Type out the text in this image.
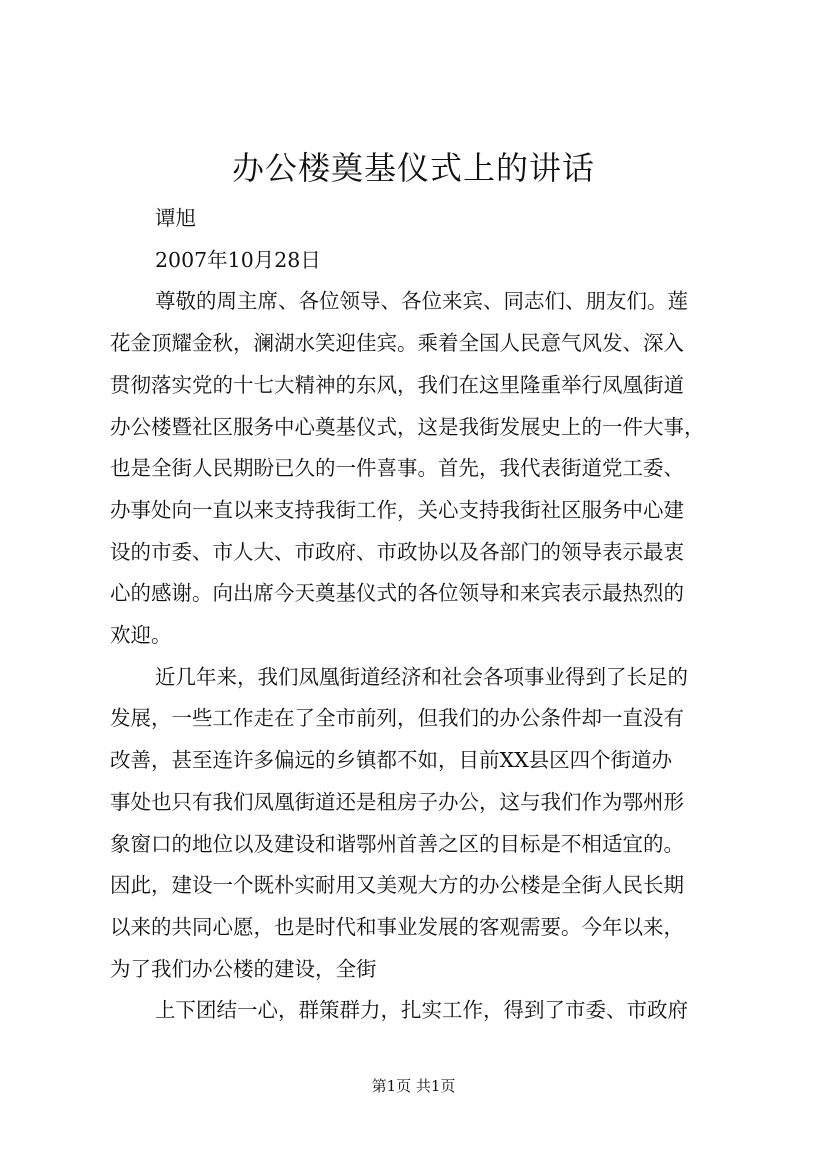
办公楼奠基仪式上的讲话

谭旭

2007年10月28日

尊敬的周主席、各位领导、各位来宾、同志们、朋友们。莲

花金顶耀金秋，澜湖水笑迎佳宾。乘着全国人民意气风发、深入

贯彻落实党的十七大精神的东风，我们在这里隆重举行凤凰街道

办公楼暨社区服务中心奠基仪式，这是我街发展史上的一件大事，

也是全街人民期盼已久的一件喜事。首先，我代表街道党工委、

办事处向一直以来支持我街工作，关心支持我街社区服务中心建

设的市委、市人大、市政府、市政协以及各部门的领导表示最衷

心的感谢。向出席今天奠基仪式的各位领导和来宾表示最热烈的

欢迎。

近几年来，我们凤凰街道经济和社会各项事业得到了长足的

发展，一些工作走在了全市前列，但我们的办公条件却一直没有

改善，甚至连许多偏远的乡镇都不如，目前XX县区四个街道办

事处也只有我们凤凰街道还是租房子办公，这与我们作为鄂州形

象窗口的地位以及建设和谐鄂州首善之区的目标是不相适宜的。

因此，建设一个既朴实耐用又美观大方的办公楼是全街人民长期

以来的共同心愿，也是时代和事业发展的客观需要。今年以来，

为了我们办公楼的建设，全街

上下团结一心，群策群力，扎实工作，得到了市委、市政府

第1页 共1页
